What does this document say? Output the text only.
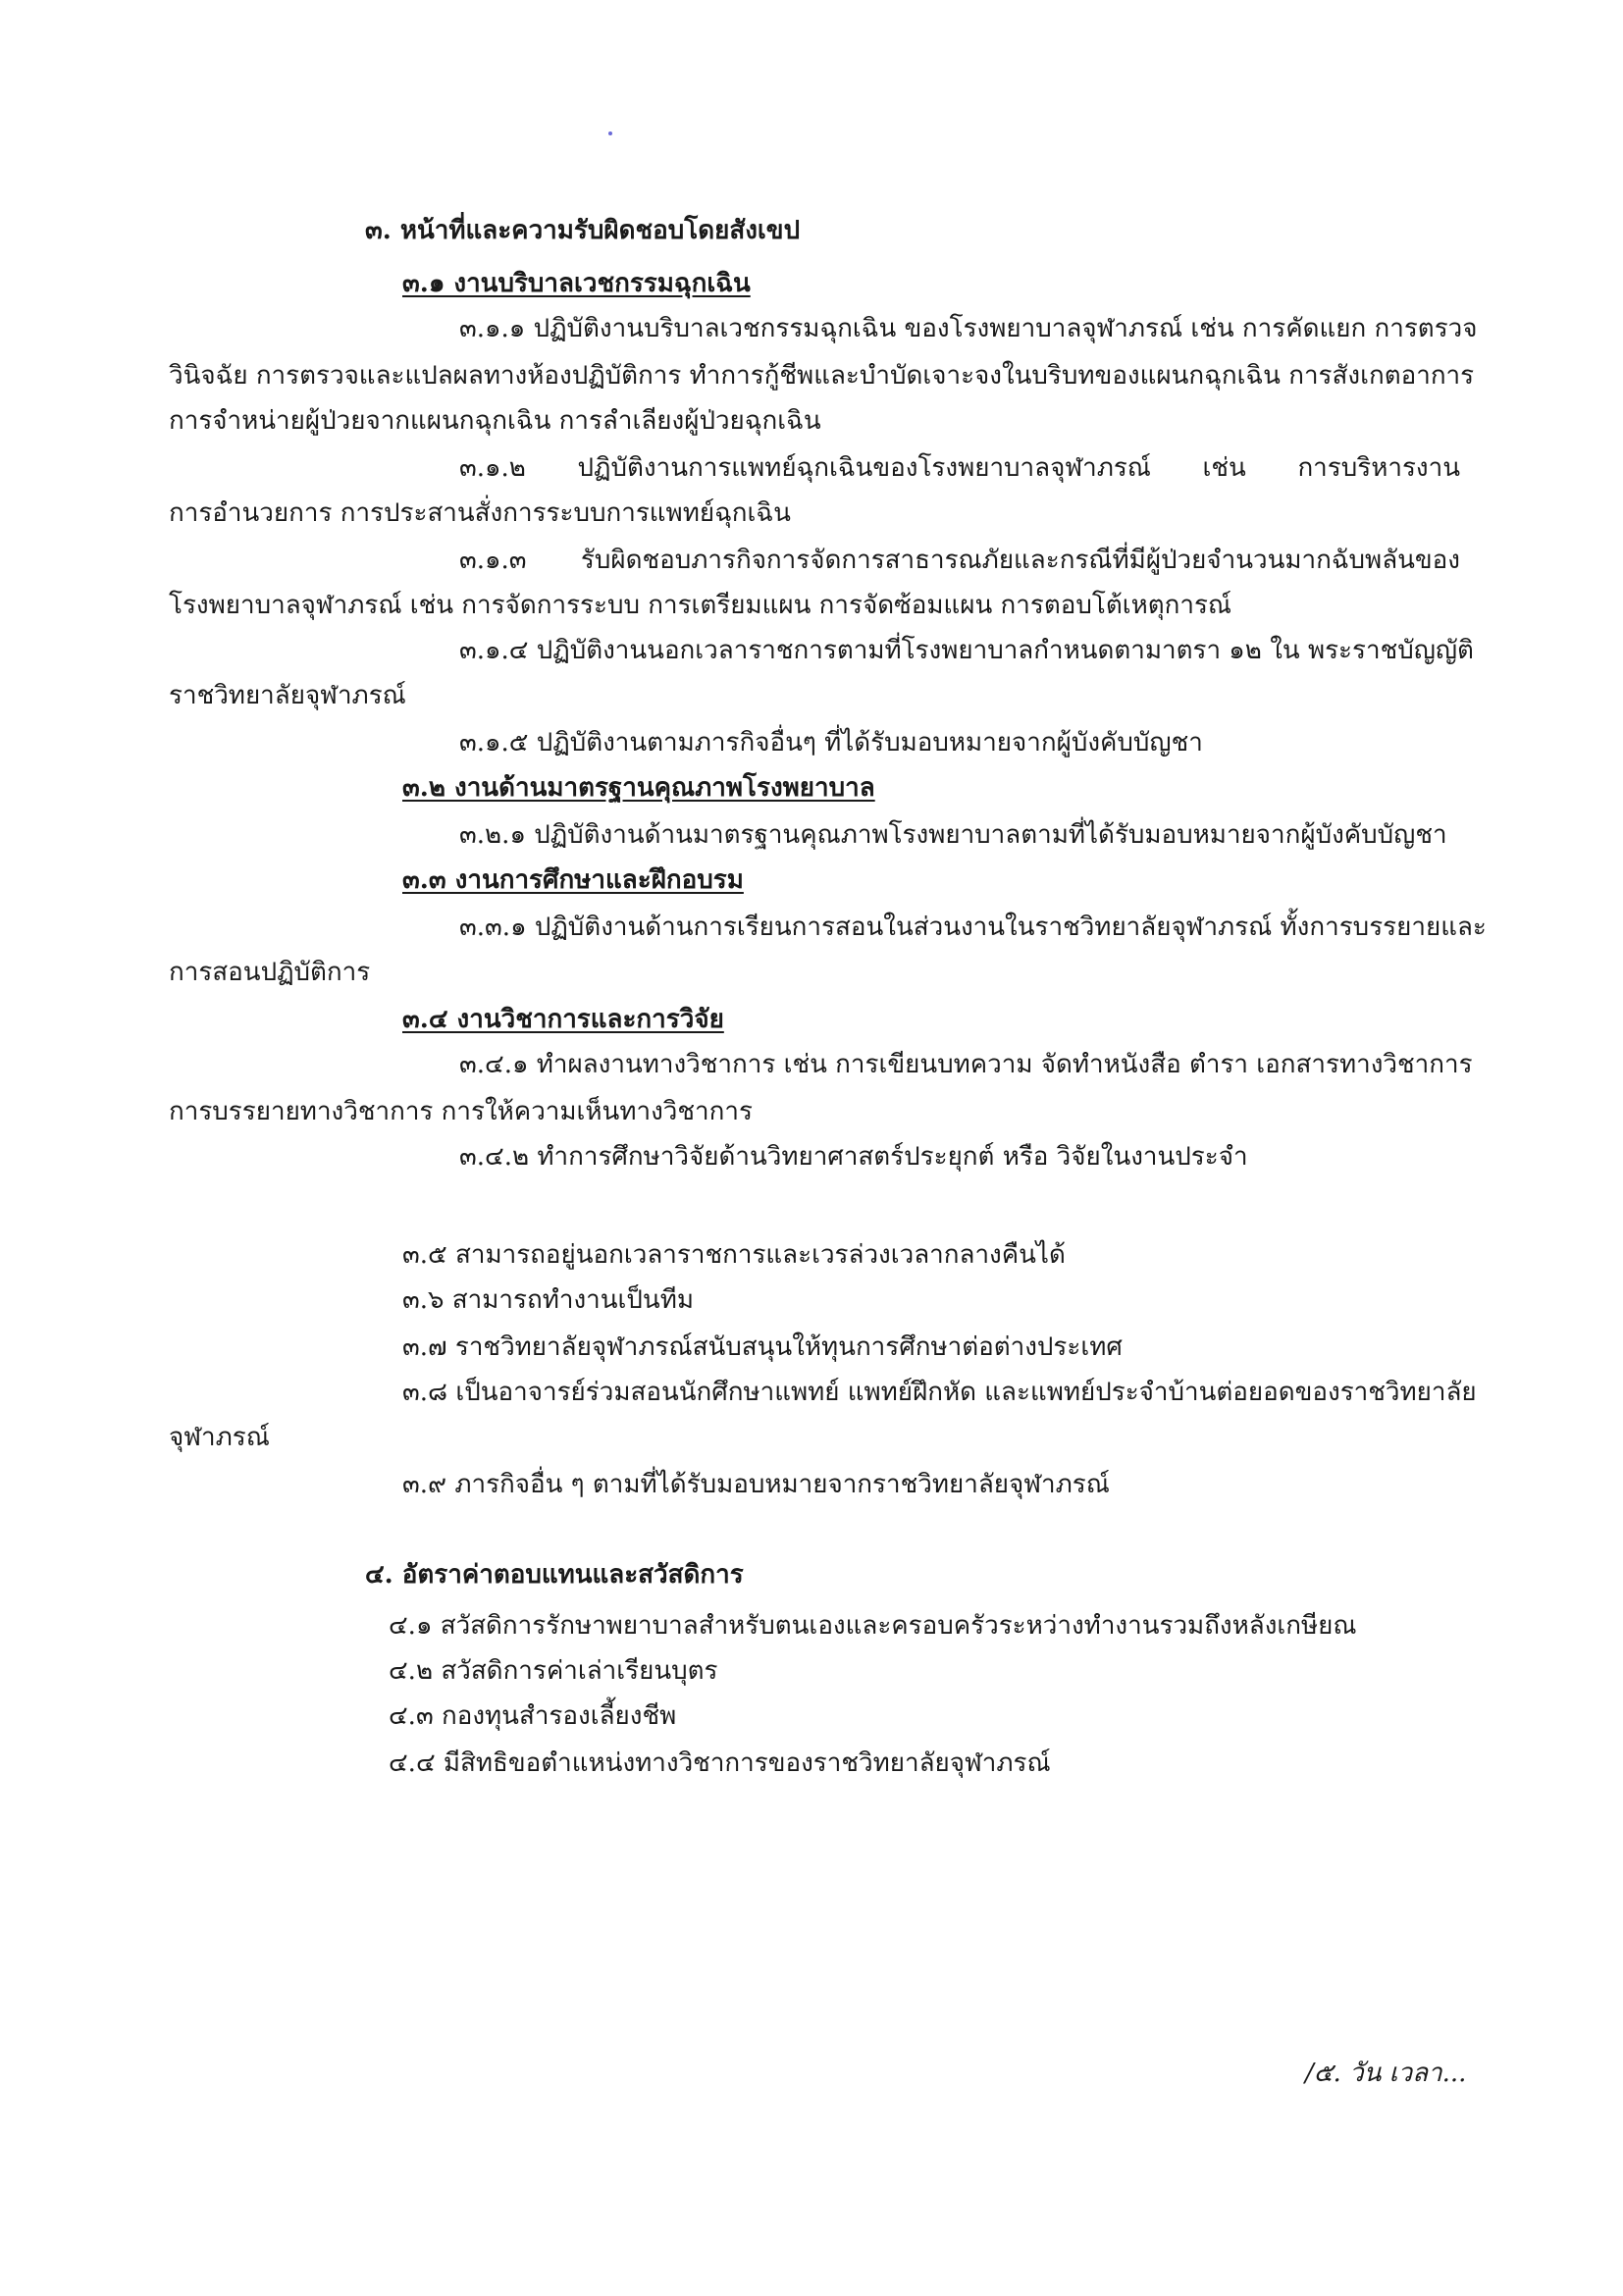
๓. หน้าที่และความรับผิดชอบโดยสังเขป
๓.๑ งานบริบาลเวชกรรมฉุกเฉิน
๓.๑.๑ ปฏิบัติงานบริบาลเวชกรรมฉุกเฉิน ของโรงพยาบาลจุฬาภรณ์ เช่น การคัดแยก การตรวจ
วินิจฉัย การตรวจและแปลผลทางห้องปฏิบัติการ ทำการกู้ชีพและบำบัดเจาะจงในบริบทของแผนกฉุกเฉิน การสังเกตอาการ
การจำหน่ายผู้ป่วยจากแผนกฉุกเฉิน การลำเลียงผู้ป่วยฉุกเฉิน
๓.๑.๒ ปฏิบัติงานการแพทย์ฉุกเฉินของโรงพยาบาลจุฬาภรณ์ เช่น การบริหารงาน
การอำนวยการ การประสานสั่งการระบบการแพทย์ฉุกเฉิน
๓.๑.๓ รับผิดชอบภารกิจการจัดการสาธารณภัยและกรณีที่มีผู้ป่วยจำนวนมากฉับพลันของ
โรงพยาบาลจุฬาภรณ์ เช่น การจัดการระบบ การเตรียมแผน การจัดซ้อมแผน การตอบโต้เหตุการณ์
๓.๑.๔ ปฏิบัติงานนอกเวลาราชการตามที่โรงพยาบาลกำหนดตามาตรา ๑๒ ใน พระราชบัญญัติ
ราชวิทยาลัยจุฬาภรณ์
๓.๑.๕ ปฏิบัติงานตามภารกิจอื่นๆ ที่ได้รับมอบหมายจากผู้บังคับบัญชา
๓.๒ งานด้านมาตรฐานคุณภาพโรงพยาบาล
๓.๒.๑ ปฏิบัติงานด้านมาตรฐานคุณภาพโรงพยาบาลตามที่ได้รับมอบหมายจากผู้บังคับบัญชา
๓.๓ งานการศึกษาและฝึกอบรม
๓.๓.๑ ปฏิบัติงานด้านการเรียนการสอนในส่วนงานในราชวิทยาลัยจุฬาภรณ์ ทั้งการบรรยายและ
การสอนปฏิบัติการ
๓.๔ งานวิชาการและการวิจัย
๓.๔.๑ ทำผลงานทางวิชาการ เช่น การเขียนบทความ จัดทำหนังสือ ตำรา เอกสารทางวิชาการ
การบรรยายทางวิชาการ การให้ความเห็นทางวิชาการ
๓.๔.๒ ทำการศึกษาวิจัยด้านวิทยาศาสตร์ประยุกต์ หรือ วิจัยในงานประจำ
๓.๕ สามารถอยู่นอกเวลาราชการและเวรล่วงเวลากลางคืนได้
๓.๖ สามารถทำงานเป็นทีม
๓.๗ ราชวิทยาลัยจุฬาภรณ์สนับสนุนให้ทุนการศึกษาต่อต่างประเทศ
๓.๘ เป็นอาจารย์ร่วมสอนนักศึกษาแพทย์ แพทย์ฝึกหัด และแพทย์ประจำบ้านต่อยอดของราชวิทยาลัย
จุฬาภรณ์
๓.๙ ภารกิจอื่น ๆ ตามที่ได้รับมอบหมายจากราชวิทยาลัยจุฬาภรณ์
๔. อัตราค่าตอบแทนและสวัสดิการ
๔.๑ สวัสดิการรักษาพยาบาลสำหรับตนเองและครอบครัวระหว่างทำงานรวมถึงหลังเกษียณ
๔.๒ สวัสดิการค่าเล่าเรียนบุตร
๔.๓ กองทุนสำรองเลี้ยงชีพ
๔.๔ มีสิทธิขอตำแหน่งทางวิชาการของราชวิทยาลัยจุฬาภรณ์
/๕. วัน เวลา...
